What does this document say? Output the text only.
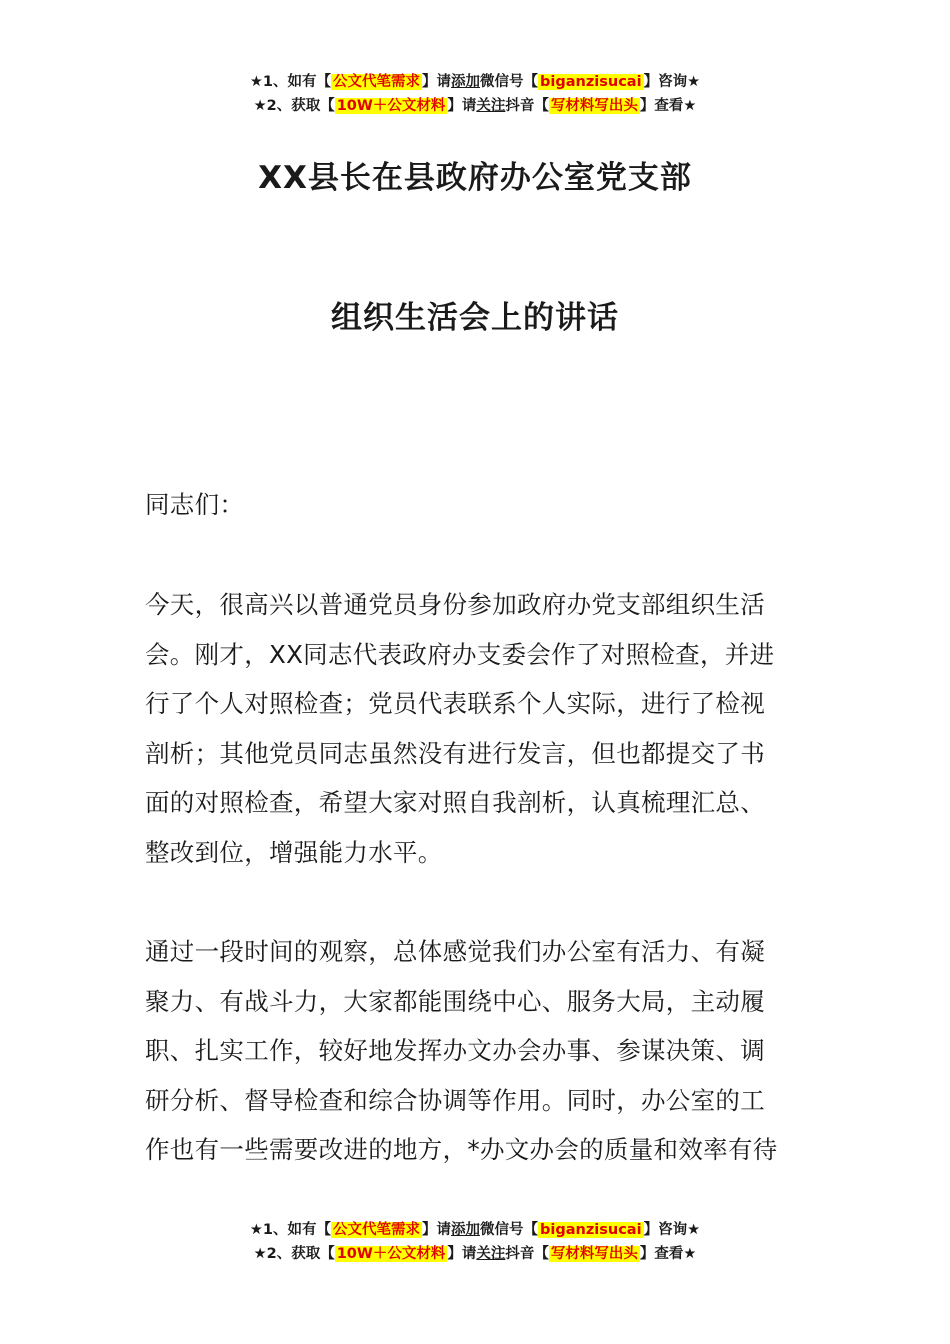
★1、如有【 公文代笔需求 】请添加微信号【 biganzisucai 】咨询★
★2、获取【 10W＋公文材料 】请关注抖音【 写材料写出头 】查看★
XX县长在县政府办公室党支部
组织生活会上的讲话

同志们：

今天，很高兴以普通党员身份参加政府办党支部组织生活
会。刚才，XX同志代表政府办支委会作了对照检查，并进
行了个人对照检查；党员代表联系个人实际，进行了检视
剖析；其他党员同志虽然没有进行发言，但也都提交了书
面的对照检查，希望大家对照自我剖析，认真梳理汇总、
整改到位，增强能力水平。

通过一段时间的观察，总体感觉我们办公室有活力、有凝
聚力、有战斗力，大家都能围绕中心、服务大局，主动履
职、扎实工作，较好地发挥办文办会办事、参谋决策、调
研分析、督导检查和综合协调等作用。同时，办公室的工
作也有一些需要改进的地方，*办文办会的质量和效率有待

★1、如有【 公文代笔需求 】请添加微信号【 biganzisucai 】咨询★
★2、获取【 10W＋公文材料 】请关注抖音【 写材料写出头 】查看★
